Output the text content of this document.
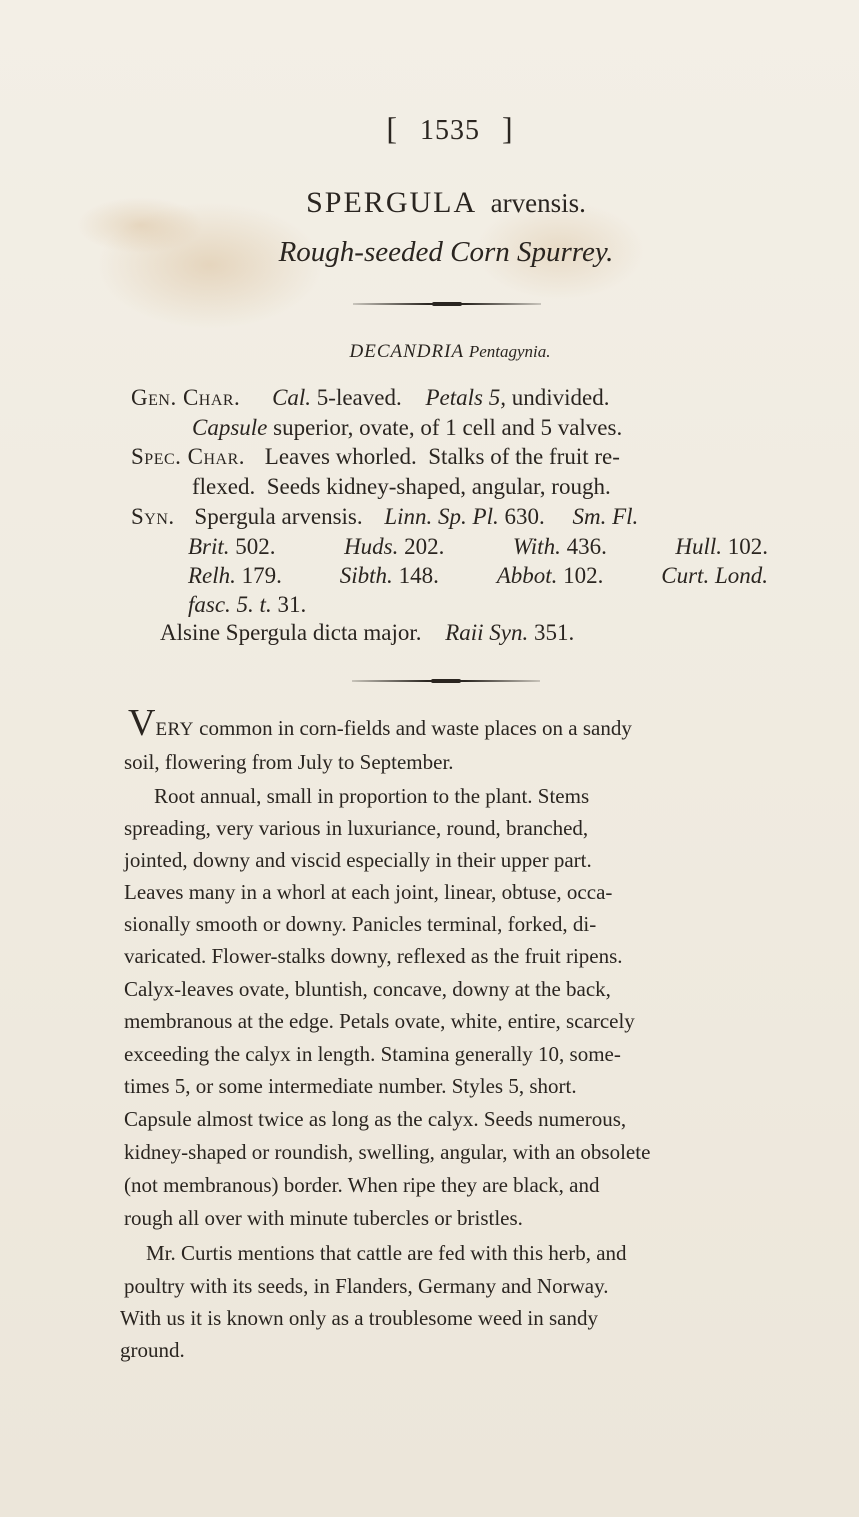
[ 1535 ]
SPERGULA arvensis.
Rough-seeded Corn Spurrey.
DECANDRIA Pentagynia.
Gen. Char. Cal. 5-leaved. Petals 5, undivided.
Capsule superior, ovate, of 1 cell and 5 valves.
Spec. Char. Leaves whorled.  Stalks of the fruit re-
flexed.  Seeds kidney-shaped, angular, rough.
Syn. Spergula arvensis. Linn. Sp. Pl. 630. Sm. Fl.
Brit. 502.	Huds. 202.	With. 436.	Hull. 102.
Relh. 179.	Sibth. 148.	Abbot. 102.	Curt. Lond.
fasc. 5. t. 31.
Alsine Spergula dicta major. Raii Syn. 351.
VERY common in corn-fields and waste places on a sandy
soil, flowering from July to September.
Root annual, small in proportion to the plant. Stems
spreading, very various in luxuriance, round, branched,
jointed, downy and viscid especially in their upper part.
Leaves many in a whorl at each joint, linear, obtuse, occa-
sionally smooth or downy. Panicles terminal, forked, di-
varicated. Flower-stalks downy, reflexed as the fruit ripens.
Calyx-leaves ovate, bluntish, concave, downy at the back,
membranous at the edge. Petals ovate, white, entire, scarcely
exceeding the calyx in length. Stamina generally 10, some-
times 5, or some intermediate number. Styles 5, short.
Capsule almost twice as long as the calyx. Seeds numerous,
kidney-shaped or roundish, swelling, angular, with an obsolete
(not membranous) border. When ripe they are black, and
rough all over with minute tubercles or bristles.
Mr. Curtis mentions that cattle are fed with this herb, and
poultry with its seeds, in Flanders, Germany and Norway.
With us it is known only as a troublesome weed in sandy
ground.
